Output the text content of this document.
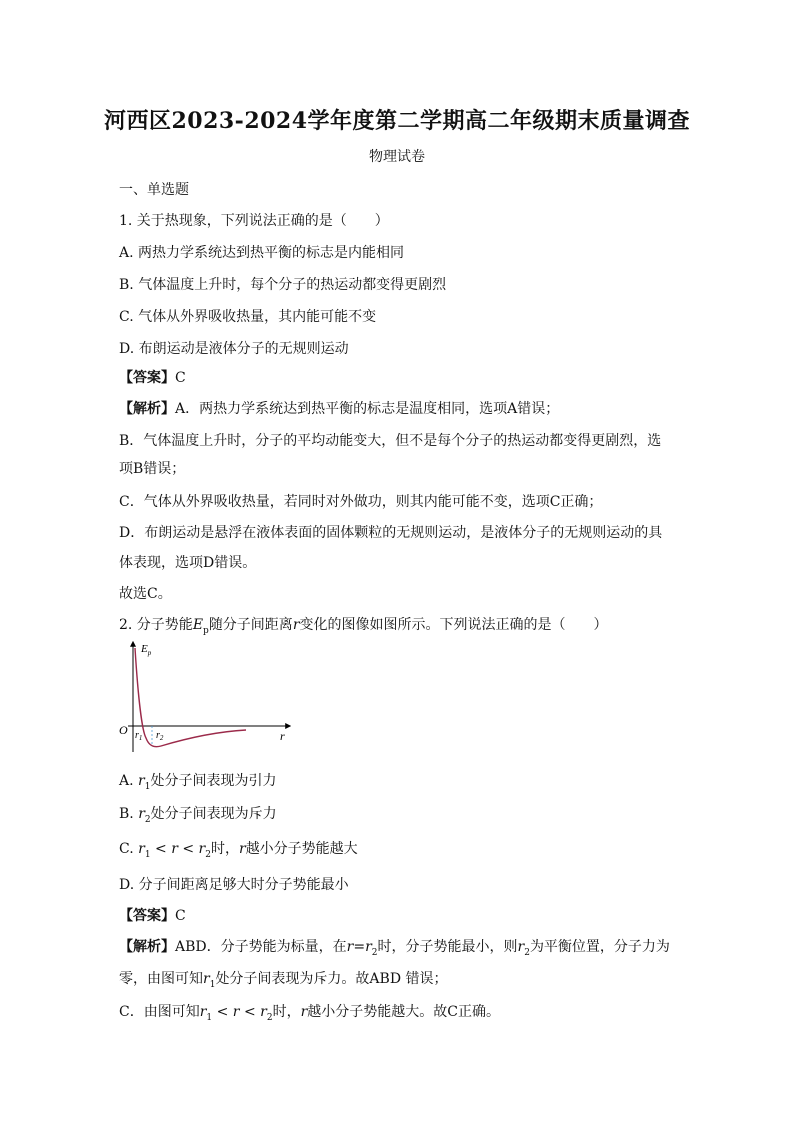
河西区2023-2024学年度第二学期高二年级期末质量调查
物理试卷
一、单选题
1. 关于热现象，下列说法正确的是（　　）
A. 两热力学系统达到热平衡的标志是内能相同
B. 气体温度上升时，每个分子的热运动都变得更剧烈
C. 气体从外界吸收热量，其内能可能不变
D. 布朗运动是液体分子的无规则运动
【答案】C
【解析】A．两热力学系统达到热平衡的标志是温度相同，选项A错误；
B．气体温度上升时，分子的平均动能变大，但不是每个分子的热运动都变得更剧烈，选
项B错误；
C．气体从外界吸收热量，若同时对外做功，则其内能可能不变，选项C正确；
D．布朗运动是悬浮在液体表面的固体颗粒的无规则运动，是液体分子的无规则运动的具
体表现，选项D错误。
故选C。
2. 分子势能$E_p$随分子间距离r变化的图像如图所示。下列说法正确的是（　　）
$E_p$
O	r
$r_1$ $r_2$
A. $r_1$处分子间表现为引力
B. $r_2$处分子间表现为斥力
C. $r_1 < r < r_2$时，r越小分子势能越大
D. 分子间距离足够大时分子势能最小
【答案】C
【解析】ABD．分子势能为标量，在$r=r_2$时，分子势能最小，则$r_2$为平衡位置，分子力为
零，由图可知$r_1$处分子间表现为斥力。故ABD 错误；
C．由图可知$r_1 < r < r_2$时，r越小分子势能越大。故C正确。
